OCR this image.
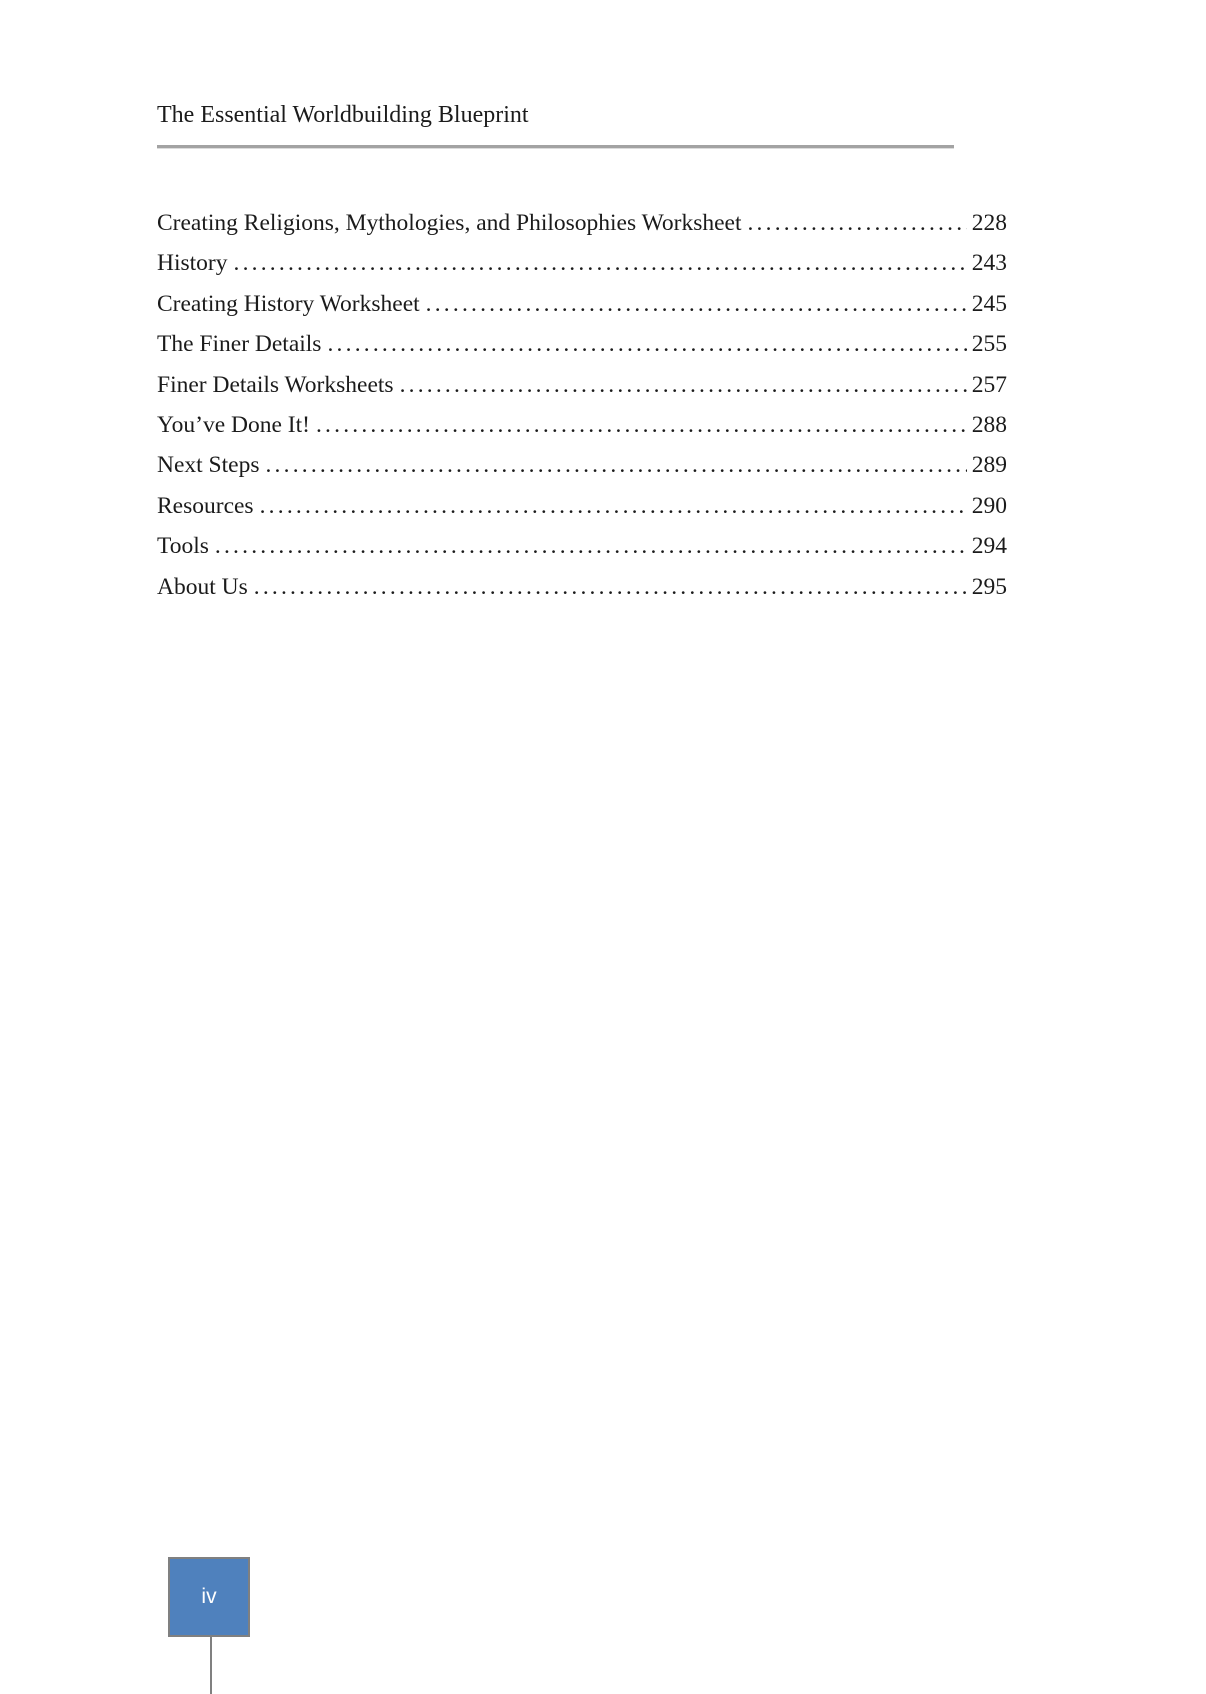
The Essential Worldbuilding Blueprint
Creating Religions, Mythologies, and Philosophies Worksheet .....	228
History .....	243
Creating History Worksheet .....	245
The Finer Details .....	255
Finer Details Worksheets .....	257
You’ve Done It! .....	288
Next Steps .....	289
Resources .....	290
Tools .....	294
About Us .....	295
iv
